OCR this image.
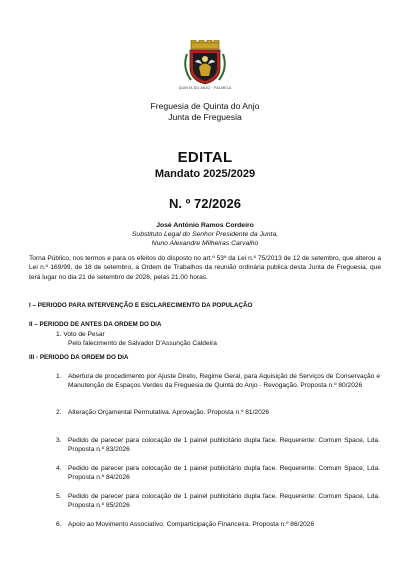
QUINTA DO ANJO · PALMELA
Freguesia de Quinta do Anjo
Junta de Freguesia
EDITAL
Mandato 2025/2029
N. º 72/2026
José António Ramos Cordeiro
Substituto Legal do Senhor Presidente da Junta,
Nuno Alexandre Milheiras Carvalho
Torna Público, nos termos e para os efeitos do disposto no art.º 53º da Lei n.º 75/2013 de 12 de setembro, que alterou a Lei n.º 169/99, de 18 de setembro, a Ordem de Trabalhos da reunião ordinária publica desta Junta de Freguesia, que terá lugar no dia 21 de setembro de 2026, pelas 21.00 horas.
I – PERIODO PARA INTERVENÇÃO E ESCLARECIMENTO DA POPULAÇÃO
II – PERIODO DE ANTES DA ORDEM DO DIA
1. Voto de Pesar
Pelo falecimento de Salvador D'Assunção Caldeira
III - PERIODO DA ORDEM DO DIA
1. Abertura de procedimento por Ajuste Direto, Regime Geral, para Aquisição de Serviços de Conservação e Manutenção de Espaços Verdes da Freguesia de Quinta do Anjo - Revogação. Proposta n.º 80/2026
2. Alteração Orçamental Permutativa. Aprovação. Proposta n.º 81/2026
3. Pedido de parecer para colocação de 1 painel publicitário dupla face. Requerente: Comum Space, Lda. Proposta n.º 83/2026
4. Pedido de parecer para colocação de 1 painel publicitário dupla face. Requerente: Comum Space, Lda. Proposta n.º 84/2026
5. Pedido de parecer para colocação de 1 painel publicitário dupla face. Requerente: Comum Space, Lda. Proposta n.º 85/2026
6. Apoio ao Movimento Associativo. Comparticipação Financeira. Proposta n.º 86/2026
